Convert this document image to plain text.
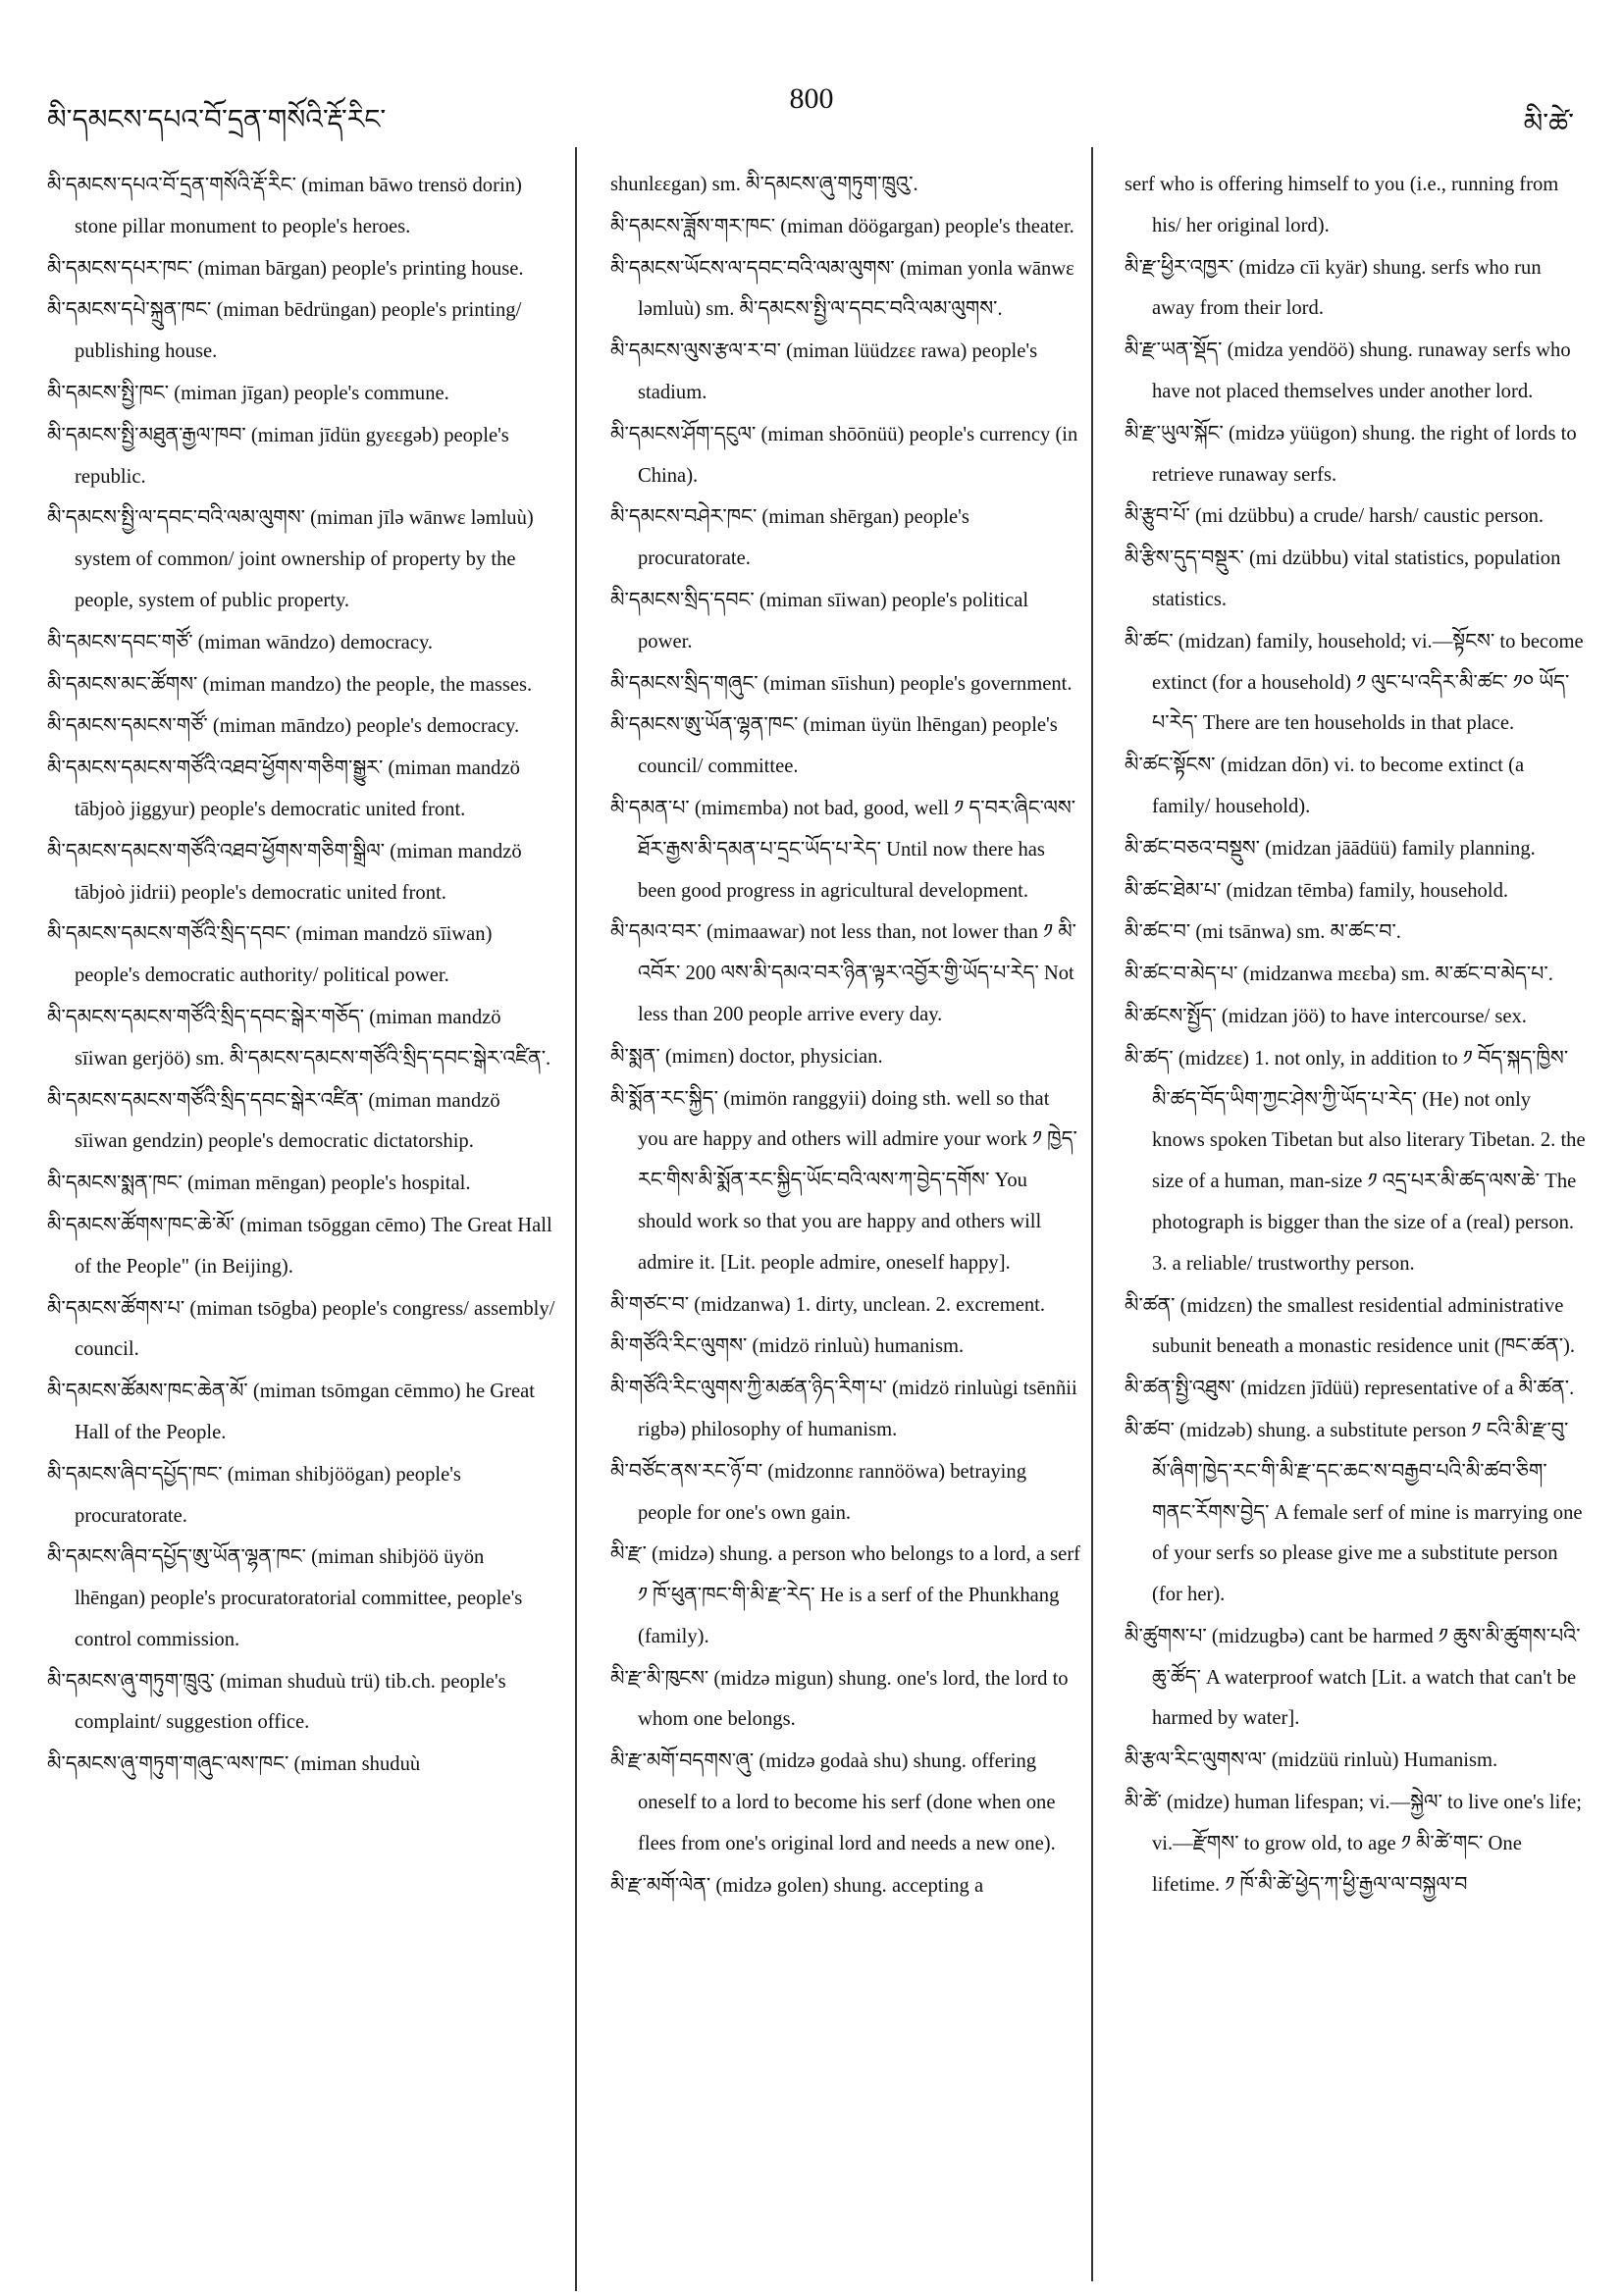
མི་དམངས་དཔའ་བོ་དྲན་གསོའི་རྡོ་རིང་
800
མི་ཚེ་

མི་དམངས་དཔའ་བོ་དྲན་གསོའི་རྡོ་རིང་ (miman bāwo trensö dorin) stone pillar monument to people's heroes.

མི་དམངས་དཔར་ཁང་ (miman bārgan) people's printing house.

མི་དམངས་དཔེ་སྐྲུན་ཁང་ (miman bēdrüngan) people's printing/ publishing house.

མི་དམངས་སྤྱི་ཁང་ (miman jīgan) people's commune.

མི་དམངས་སྤྱི་མཐུན་རྒྱལ་ཁབ་ (miman jīdün gyɛɛgəb) people's republic.

མི་དམངས་སྤྱི་ལ་དབང་བའི་ལམ་ལུགས་ (miman jīlə wānwɛ ləmluù) system of common/ joint ownership of property by the people, system of public property.

མི་དམངས་དབང་གཙོ་ (miman wāndzo) democracy.

མི་དམངས་མང་ཚོགས་ (miman mandzo) the people, the masses.

མི་དམངས་དམངས་གཙོ་ (miman māndzo) people's democracy.

མི་དམངས་དམངས་གཙོའི་འཐབ་ཕྱོགས་གཅིག་སྒྱུར་ (miman mandzö tābjoò jiggyur) people's democratic united front.

མི་དམངས་དམངས་གཙོའི་འཐབ་ཕྱོགས་གཅིག་སྒྲིལ་ (miman mandzö tābjoò jidrii) people's democratic united front.

མི་དམངས་དམངས་གཙོའི་སྲིད་དབང་ (miman mandzö sīiwan) people's democratic authority/ political power.

མི་དམངས་དམངས་གཙོའི་སྲིད་དབང་སྒེར་གཅོད་ (miman mandzö sīiwan gerjöö) sm. མི་དམངས་དམངས་གཙོའི་སྲིད་དབང་སྒེར་འཛིན་.

མི་དམངས་དམངས་གཙོའི་སྲིད་དབང་སྒེར་འཛིན་ (miman mandzö sīiwan gendzin) people's democratic dictatorship.

མི་དམངས་སྨན་ཁང་ (miman mēngan) people's hospital.

མི་དམངས་ཚོགས་ཁང་ཆེ་མོ་ (miman tsōggan cēmo) The Great Hall of the People" (in Beijing).

མི་དམངས་ཚོགས་པ་ (miman tsōgba) people's congress/ assembly/ council.

མི་དམངས་ཚོམས་ཁང་ཆེན་མོ་ (miman tsōmgan cēmmo) he Great Hall of the People.

མི་དམངས་ཞིབ་དཔྱོད་ཁང་ (miman shibjöögan) people's procuratorate.

མི་དམངས་ཞིབ་དཔྱོད་ཨུ་ཡོན་ལྷན་ཁང་ (miman shibjöö üyön lhēngan) people's procuratoratorial committee, people's control commission.

མི་དམངས་ཞུ་གཏུག་ཁྲུའུ་ (miman shuduù trü) tib.ch. people's complaint/ suggestion office.

མི་དམངས་ཞུ་གཏུག་གཞུང་ལས་ཁང་ (miman shuduù

shunlɛɛgan) sm. མི་དམངས་ཞུ་གཏུག་ཁྲུའུ་.

མི་དམངས་ཟློས་གར་ཁང་ (miman döögargan) people's theater.

མི་དམངས་ཡོངས་ལ་དབང་བའི་ལམ་ལུགས་ (miman yonla wānwɛ ləmluù) sm. མི་དམངས་སྤྱི་ལ་དབང་བའི་ལམ་ལུགས་.

མི་དམངས་ལུས་རྩལ་ར་བ་ (miman lüüdzɛɛ rawa) people's stadium.

མི་དམངས་ཤོག་དངུལ་ (miman shōōnüü) people's currency (in China).

མི་དམངས་བཤེར་ཁང་ (miman shērgan) people's procuratorate.

མི་དམངས་སྲིད་དབང་ (miman sīiwan) people's political power.

མི་དམངས་སྲིད་གཞུང་ (miman sīishun) people's government.

མི་དམངས་ཨུ་ཡོན་ལྷན་ཁང་ (miman üyün lhēngan) people's council/ committee.

མི་དམན་པ་ (mimɛmba) not bad, good, well ༡ ད་བར་ཞིང་ལས་ཐོར་རྒྱས་མི་དམན་པ་དྲང་ཡོད་པ་རེད་ Until now there has been good progress in agricultural development.

མི་དམའ་བར་ (mimaawar) not less than, not lower than ༡ མི་འབོར་ 200 ལས་མི་དམའ་བར་ཉིན་ལྟར་འབྱོར་གྱི་ཡོད་པ་རེད་ Not less than 200 people arrive every day.

མི་སྨན་ (mimɛn) doctor, physician.

མི་སྨོན་རང་སྐྱིད་ (mimön ranggyii) doing sth. well so that you are happy and others will admire your work ༡ ཁྱེད་རང་གིས་མི་སྨོན་རང་སྐྱིད་ཡོང་བའི་ལས་ཀ་བྱེད་དགོས་ You should work so that you are happy and others will admire it. [Lit. people admire, oneself happy].

མི་གཙང་བ་ (midzanwa) 1. dirty, unclean. 2. excrement.

མི་གཙོའི་རིང་ལུགས་ (midzö rinluù) humanism.

མི་གཙོའི་རིང་ལུགས་ཀྱི་མཚན་ཉིད་རིག་པ་ (midzö rinluùgi tsēnñii rigbə) philosophy of humanism.

མི་བཙོང་ནས་རང་ཉོ་བ་ (midzonnɛ rannööwa) betraying people for one's own gain.

མི་རྫ་ (midzə) shung. a person who belongs to a lord, a serf ༡ ཁོ་ཕུན་ཁང་གི་མི་རྫ་རེད་ He is a serf of the Phunkhang (family).

མི་རྫ་མི་ཁུངས་ (midzə migun) shung. one's lord, the lord to whom one belongs.

མི་རྫ་མགོ་བདགས་ཞུ་ (midzə godaà shu) shung. offering oneself to a lord to become his serf (done when one flees from one's original lord and needs a new one).

མི་རྫ་མགོ་ལེན་ (midzə golen) shung. accepting a

serf who is offering himself to you (i.e., running from his/ her original lord).

མི་རྫ་ཕྱིར་འཁྱར་ (midzə cīi kyär) shung. serfs who run away from their lord.

མི་རྫ་ཡན་སྡོད་ (midza yendöö) shung. runaway serfs who have not placed themselves under another lord.

མི་རྫ་ཡུལ་སྐོང་ (midzə yüügon) shung. the right of lords to retrieve runaway serfs.

མི་རྩུབ་པོ་ (mi dzübbu) a crude/ harsh/ caustic person.

མི་རྩིས་དུད་བསྡུར་ (mi dzübbu) vital statistics, population statistics.

མི་ཚང་ (midzan) family, household; vi.—སྟོངས་ to become extinct (for a household) ༡ ལུང་པ་འདིར་མི་ཚང་ ༡༠ ཡོད་པ་རེད་ There are ten households in that place.

མི་ཚང་སྟོངས་ (midzan dōn) vi. to become extinct (a family/ household).

མི་ཚང་བཅའ་བསྡུས་ (midzan jāādüü) family planning.

མི་ཚང་ཐེམ་པ་ (midzan tēmba) family, household.

མི་ཚང་བ་ (mi tsānwa) sm. མ་ཚང་བ་.

མི་ཚང་བ་མེད་པ་ (midzanwa mɛɛba) sm. མ་ཚང་བ་མེད་པ་.

མི་ཚངས་སྤྱོད་ (midzan jöö) to have intercourse/ sex.

མི་ཚད་ (midzɛɛ) 1. not only, in addition to ༡ བོད་སྐད་ཁྱིས་མི་ཚད་བོད་ཡིག་ཀྱང་ཤེས་ཀྱི་ཡོད་པ་རེད་ (He) not only knows spoken Tibetan but also literary Tibetan. 2. the size of a human, man-size ༡ འདྲ་པར་མི་ཚད་ལས་ཆེ་ The photograph is bigger than the size of a (real) person. 3. a reliable/ trustworthy person.

མི་ཚན་ (midzɛn) the smallest residential administrative subunit beneath a monastic residence unit (ཁང་ཚན་).

མི་ཚན་སྤྱི་འཐུས་ (midzɛn jīdüü) representative of a མི་ཚན་.

མི་ཚབ་ (midzəb) shung. a substitute person ༡ ངའི་མི་རྫ་བུ་མོ་ཞིག་ཁྱེད་རང་གི་མི་རྫ་དང་ཆང་ས་བརྒྱབ་པའི་མི་ཚབ་ཅིག་གནང་རོགས་བྱེད་ A female serf of mine is marrying one of your serfs so please give me a substitute person (for her).

མི་ཚུགས་པ་ (midzugbə) cant be harmed ༡ ཆུས་མི་ཚུགས་པའི་ཆུ་ཚོད་ A waterproof watch [Lit. a watch that can't be harmed by water].

མི་རྩལ་རིང་ལུགས་ལ་ (midzüü rinluù) Humanism.

མི་ཚེ་ (midze) human lifespan; vi.—སྐྱེལ་ to live one's life; vi.—རྫོགས་ to grow old, to age ༡ མི་ཚེ་གང་ One lifetime. ༡ ཁོ་མི་ཚེ་ཕྱེད་ཀ་ཕྱི་རྒྱལ་ལ་བསྐྱལ་བ
